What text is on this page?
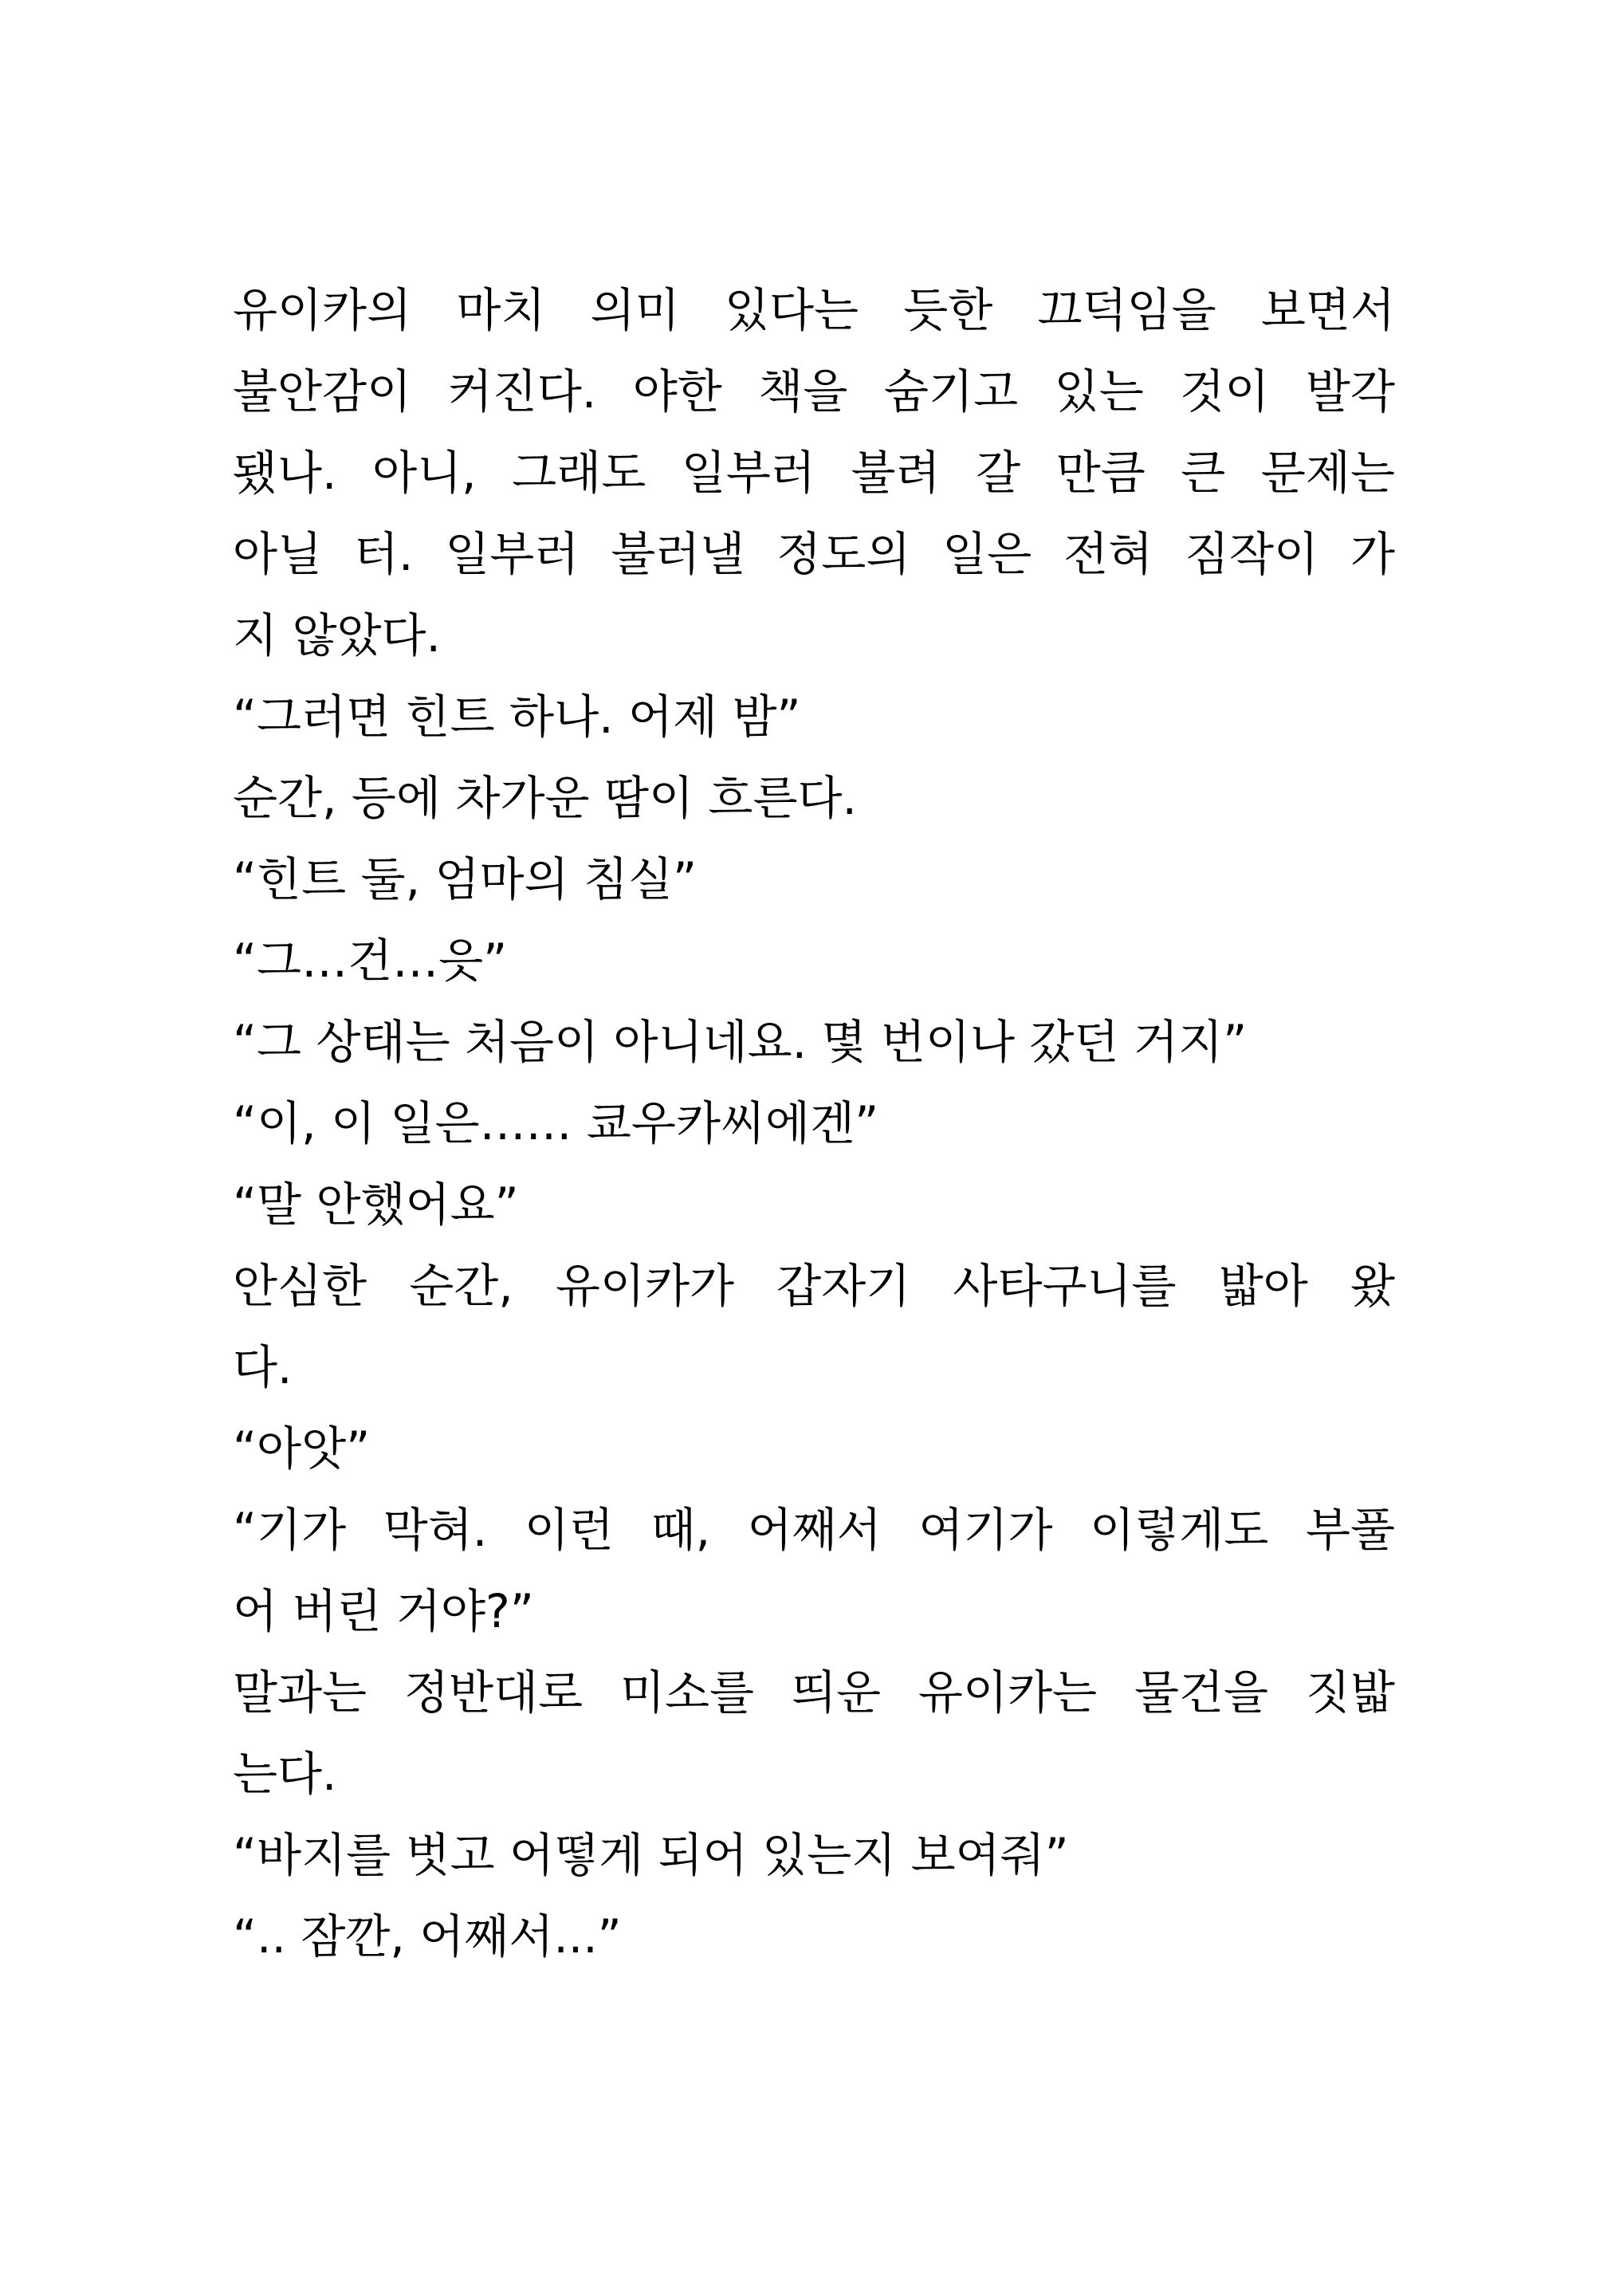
유이카의 마치 의미 있다는 듯한 끄덕임을 보면서
불안감이 커진다. 야한 책을 숨기고 있는 것이 발각
됐나. 아니, 그래도 일부러 불려 갈 만큼 큰 문제는
아닐 터. 일부러 불러낼 정도의 일은 전혀 짐작이 가
지 않았다.
“그러면 힌트 하나. 어제 밤”
순간, 등에 차가운 땀이 흐른다.
“힌트 둘, 엄마의 침실”
“그…건…읏”
“그 상태는 처음이 아니네요. 몇 번이나 갔던 거지”
“이, 이 일은…… 쿄우카씨에겐”
“말 안했어요”
안심한 순간, 유이카가 갑자기 사타구니를 밟아 왔
다.
“아앗”
“기가 막혀. 이런 때, 어째서 여기가 이렇게도 부풀
어 버린 거야?”
말과는 정반대로 미소를 띄운 유이카는 물건을 짓밟
는다.
“바지를 벗고 어떻게 되어 있는지 보여줘”
“.. 잠깐, 어째서...”
